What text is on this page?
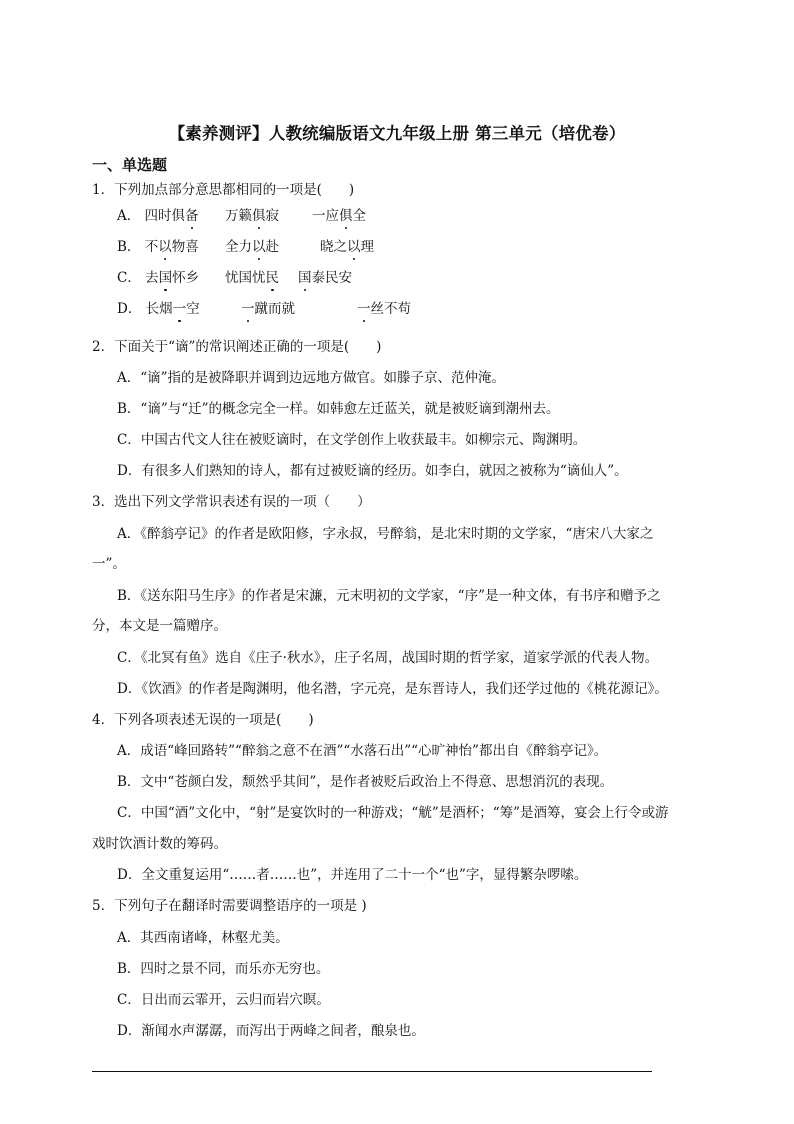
【素养测评】人教统编版语文九年级上册 第三单元（培优卷）
一、单选题
1．下列加点部分意思都相同的一项是(　　)
A． 四时俱备 万籁俱寂 一应俱全
B． 不以物喜 全力以赴	晓之以理
C． 去国怀乡 忧国忧民 国泰民安
D． 长烟一空	一蹴而就	一丝不苟
2．下面关于“谪”的常识阐述正确的一项是(　　)
A．“谪”指的是被降职并调到边远地方做官。如滕子京、范仲淹。
B．“谪”与“迁”的概念完全一样。如韩愈左迁蓝关，就是被贬谪到潮州去。
C．中国古代文人往在被贬谪时，在文学创作上收获最丰。如柳宗元、陶渊明。
D．有很多人们熟知的诗人，都有过被贬谪的经历。如李白，就因之被称为“谪仙人”。
3．选出下列文学常识表述有误的一项（　　）
A．《醉翁亭记》的作者是欧阳修，字永叔，号醉翁，是北宋时期的文学家，“唐宋八大家之
一”。
B．《送东阳马生序》的作者是宋濂，元末明初的文学家，“序”是一种文体，有书序和赠予之
分，本文是一篇赠序。
C．《北冥有鱼》选自《庄子·秋水》，庄子名周，战国时期的哲学家，道家学派的代表人物。
D．《饮酒》的作者是陶渊明，他名潜，字元亮，是东晋诗人，我们还学过他的《桃花源记》。
4．下列各项表述无误的一项是(　　)
A．成语“峰回路转”“醉翁之意不在酒”“水落石出”“心旷神怡”都出自《醉翁亭记》。
B．文中“苍颜白发，颓然乎其间”，是作者被贬后政治上不得意、思想消沉的表现。
C．中国“酒”文化中，“射”是宴饮时的一种游戏；“觥”是酒杯；“筹”是酒筹，宴会上行令或游
戏时饮酒计数的筹码。
D．全文重复运用“……者……也”，并连用了二十一个“也”字，显得繁杂啰嗦。
5．下列句子在翻译时需要调整语序的一项是 )
A．其西南诸峰，林壑尤美。
B．四时之景不同，而乐亦无穷也。
C．日出而云霏开，云归而岩穴暝。
D．渐闻水声潺潺，而泻出于两峰之间者，酿泉也。
